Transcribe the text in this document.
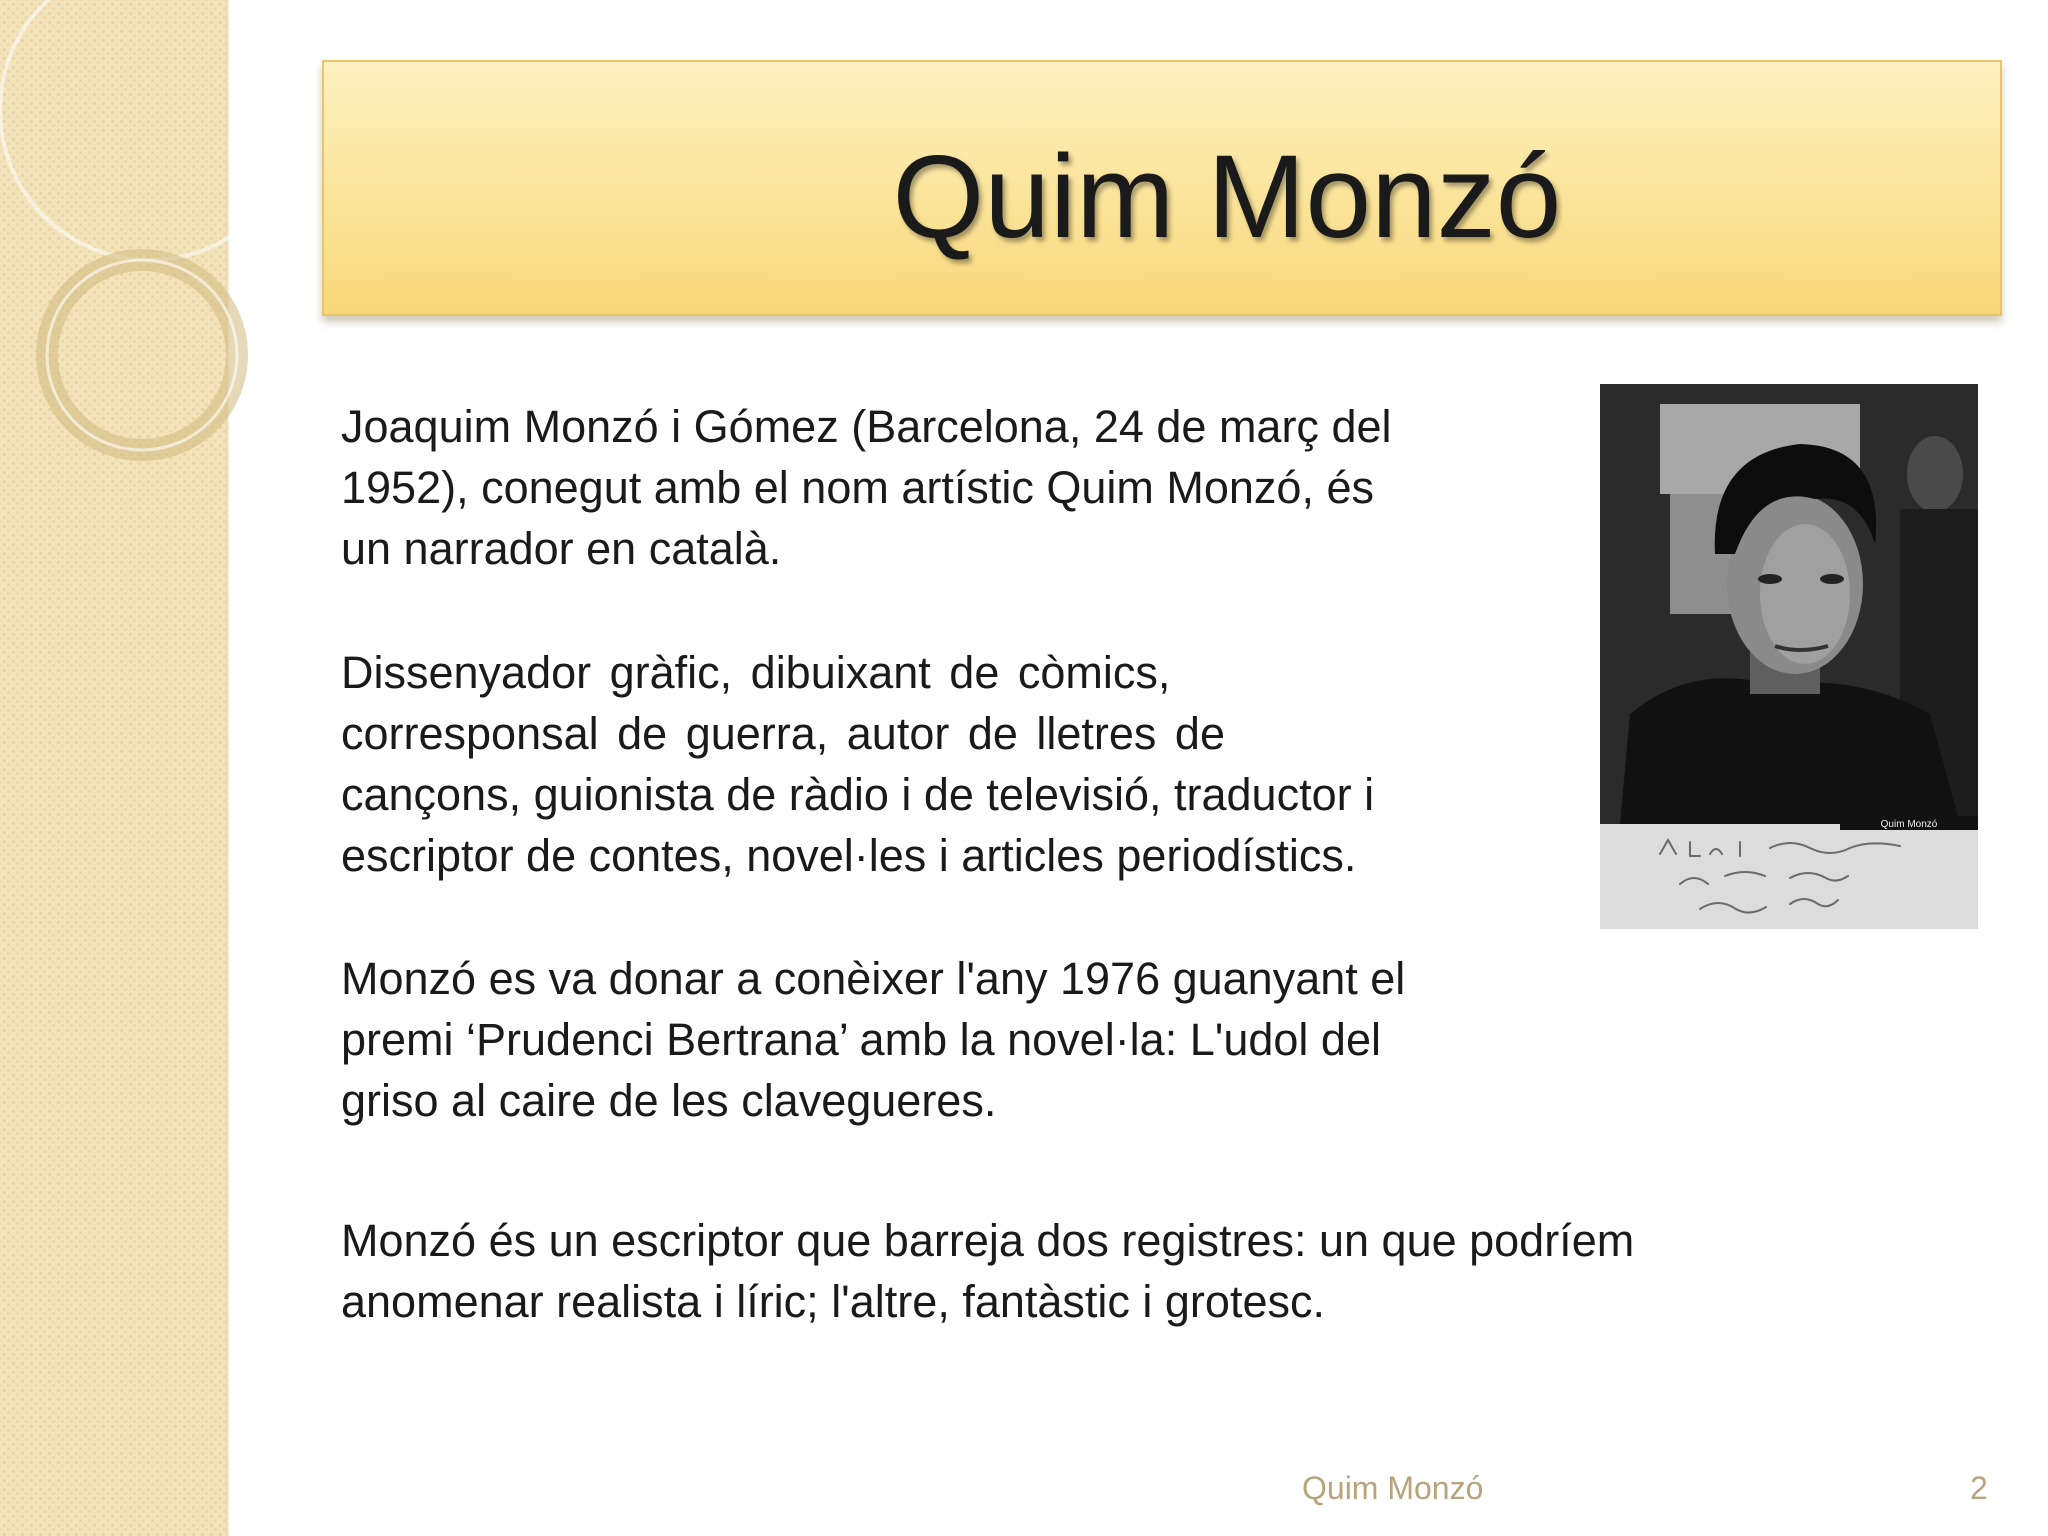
Quim Monzó

Joaquim Monzó i Gómez (Barcelona, 24 de març del
1952), conegut amb el nom artístic Quim Monzó, és
un narrador en català.

Dissenyador gràfic, dibuixant de còmics,
corresponsal de guerra, autor de lletres de
cançons, guionista de ràdio i de televisió, traductor i
escriptor de contes, novel·les i articles periodístics.

Monzó es va donar a conèixer l'any 1976 guanyant el
premi ‘Prudenci Bertrana’ amb la novel·la: L'udol del
griso al caire de les clavegueres.

Monzó és un escriptor que barreja dos registres: un que podríem
anomenar realista i líric; l'altre, fantàstic i grotesc.

Quim Monzó
Quim Monzó	2
